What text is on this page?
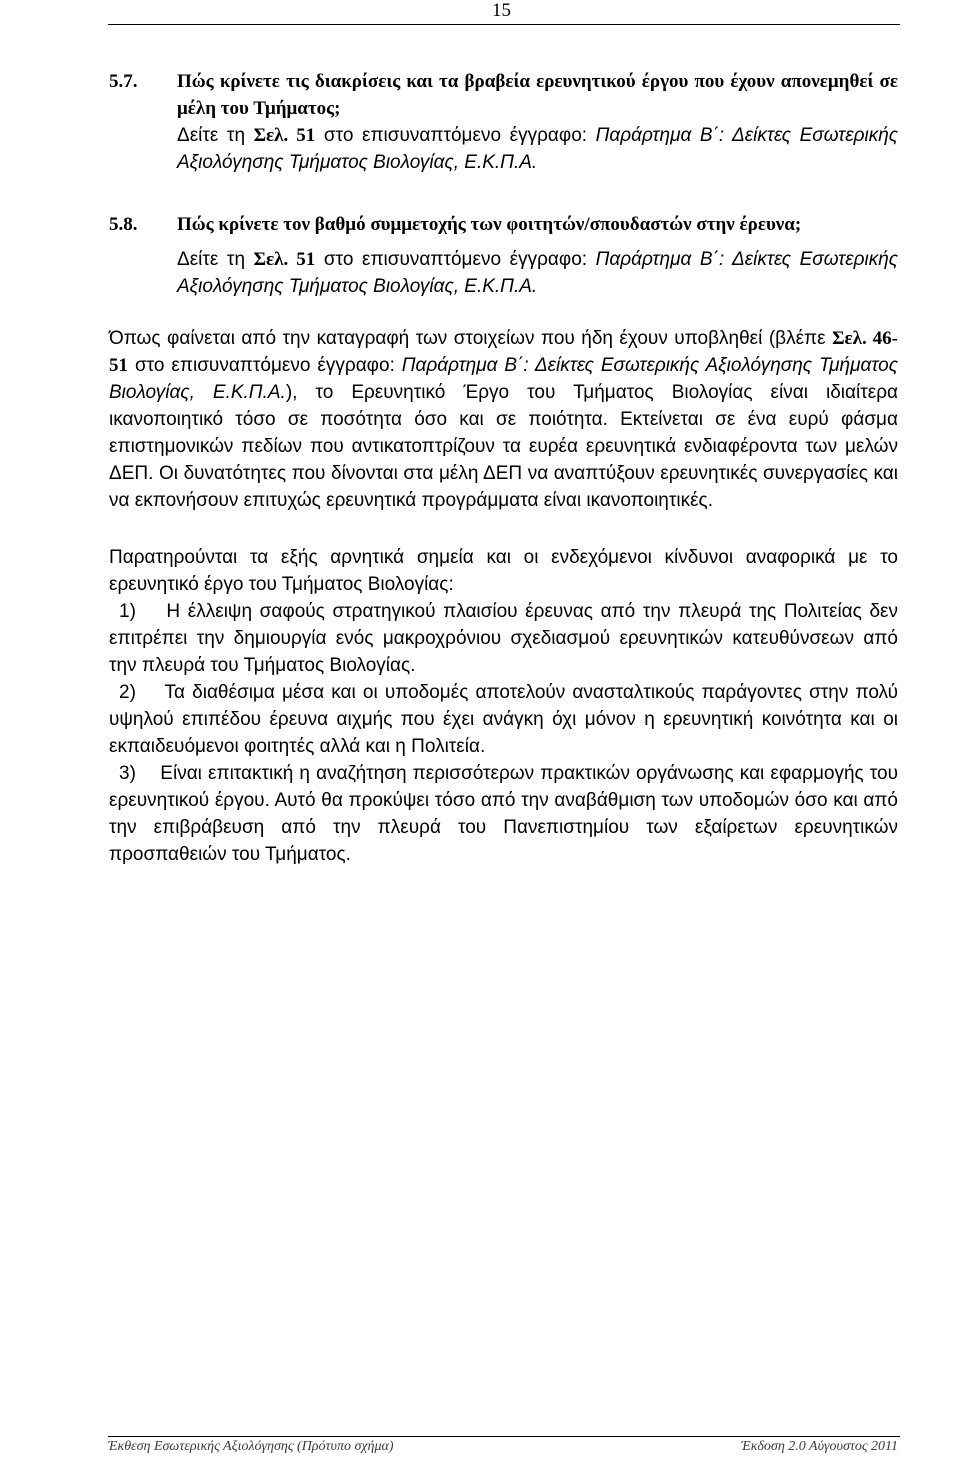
15
5.7.	Πώς κρίνετε τις διακρίσεις και τα βραβεία ερευνητικού έργου που έχουν απονεμηθεί σε μέλη του Τμήματος;
Δείτε τη Σελ. 51 στο επισυναπτόμενο έγγραφο: Παράρτημα Β΄: Δείκτες Εσωτερικής Αξιολόγησης Τμήματος Βιολογίας, Ε.Κ.Π.Α.
5.8.	Πώς κρίνετε τον βαθμό συμμετοχής των φοιτητών/σπουδαστών στην έρευνα;
Δείτε τη Σελ. 51 στο επισυναπτόμενο έγγραφο: Παράρτημα Β΄: Δείκτες Εσωτερικής Αξιολόγησης Τμήματος Βιολογίας, Ε.Κ.Π.Α.

Όπως φαίνεται από την καταγραφή των στοιχείων που ήδη έχουν υποβληθεί (βλέπε Σελ. 46-51 στο επισυναπτόμενο έγγραφο: Παράρτημα Β΄: Δείκτες Εσωτερικής Αξιολόγησης Τμήματος Βιολογίας, Ε.Κ.Π.Α.), το Ερευνητικό Έργο του Τμήματος Βιολογίας είναι ιδιαίτερα ικανοποιητικό τόσο σε ποσότητα όσο και σε ποιότητα. Εκτείνεται σε ένα ευρύ φάσμα επιστημονικών πεδίων που αντικατοπτρίζουν τα ευρέα ερευνητικά ενδιαφέροντα των μελών ΔΕΠ. Οι δυνατότητες που δίνονται στα μέλη ΔΕΠ να αναπτύξουν ερευνητικές συνεργασίες και να εκπονήσουν επιτυχώς ερευνητικά προγράμματα είναι ικανοποιητικές.

Παρατηρούνται τα εξής αρνητικά σημεία και οι ενδεχόμενοι κίνδυνοι αναφορικά με το ερευνητικό έργο του Τμήματος Βιολογίας:

1)    Η έλλειψη σαφούς στρατηγικού πλαισίου έρευνας από την πλευρά της Πολιτείας δεν επιτρέπει την δημιουργία ενός μακροχρόνιου σχεδιασμού ερευνητικών κατευθύνσεων από την πλευρά του Τμήματος Βιολογίας.

2)    Τα διαθέσιμα μέσα και οι υποδομές αποτελούν ανασταλτικούς παράγοντες στην πολύ υψηλού επιπέδου έρευνα αιχμής που έχει ανάγκη όχι μόνον η ερευνητική κοινότητα και οι εκπαιδευόμενοι φοιτητές αλλά και η Πολιτεία.

3)    Είναι επιτακτική η αναζήτηση περισσότερων πρακτικών οργάνωσης και εφαρμογής του ερευνητικού έργου. Αυτό θα προκύψει τόσο από την αναβάθμιση των υποδομών όσο και από την επιβράβευση από την πλευρά του Πανεπιστημίου των εξαίρετων ερευνητικών προσπαθειών του Τμήματος.

Έκθεση Εσωτερικής Αξιολόγησης (Πρότυπο σχήμα)	Έκδοση 2.0 Αύγουστος 2011
